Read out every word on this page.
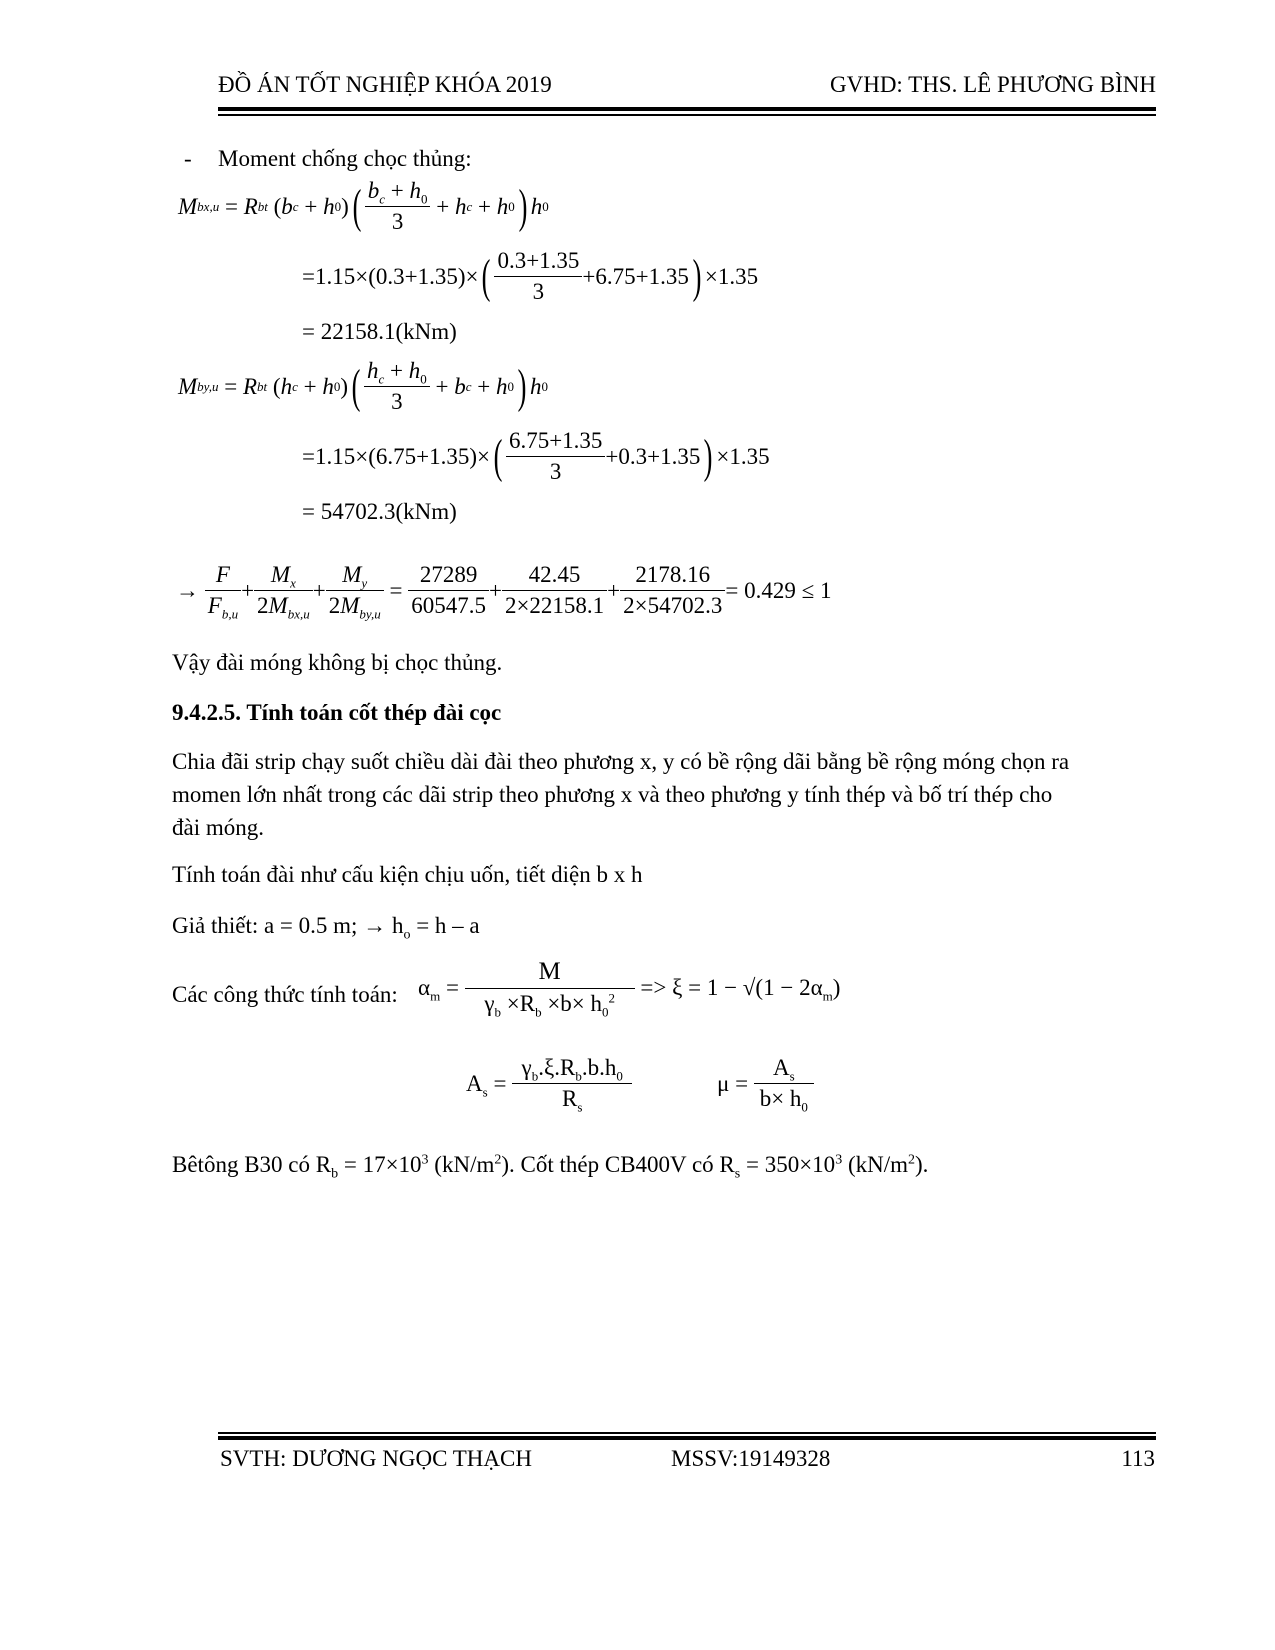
ĐỒ ÁN TỐT NGHIỆP KHÓA 2019	GVHD: THS. LÊ PHƯƠNG BÌNH
- Moment chống chọc thủng:
M bx,u = R bt ( b c + h 0 ) ( $\frac{b_c + h_0}{3} + h$ c + h 0 ) h 0
=1.15×(0.3+1.35)× ( $\frac{0.3+1.35}{3} +6.75+1.35$ ) ×1.35
= 22158.1(kNm)
M by,u = R bt ( h c + h 0 ) ( $\frac{h_c + h_0}{3} + b$ c + h 0 ) h 0
=1.15×(6.75+1.35)× ( $\frac{6.75+1.35}{3} +0.3+1.35$ ) ×1.35
= 54702.3(kNm)
→ $\frac{F}{F_{b,u}} + \frac{M_x}{2M_{bx,u}} + \frac{M_y}{2M_{by,u}} = \frac{27289}{60547.5} + \frac{42.45}{2\times 22158.1} + \frac{2178.16}{2\times 54702.3} = 0.429 \le 1$
Vậy đài móng không bị chọc thủng.
9.4.2.5. Tính toán cốt thép đài cọc
Chia đãi strip chạy suốt chiều dài đài theo phương x, y có bề rộng dãi bằng bề rộng móng chọn ra
momen lớn nhất trong các dãi strip theo phương x và theo phương y tính thép và bố trí thép cho
đài móng.
Tính toán đài như cấu kiện chịu uốn, tiết diện b x h
Giả thiết: a = 0.5 m; → $h_o = h - a$
Các công thức tính toán: $\alpha_m = \frac{M}{\gamma_b \times R_b \times b\times h_0^2} => \xi = 1 - √(1 - 2\alpha_m)$
$A_s = \frac{\gamma_b.\xi.R_b.b.h_0}{R_s}$	$\mu = \frac{A_s}{b\times h_0}$
Bêtông B30 có $R_b = 17\times 10^3$ $(kN/m^2)$. Cốt thép CB400V có $R_s = 350\times 10^3$ $(kN/m^2)$.
SVTH: DƯƠNG NGỌC THẠCH	MSSV:19149328	113
